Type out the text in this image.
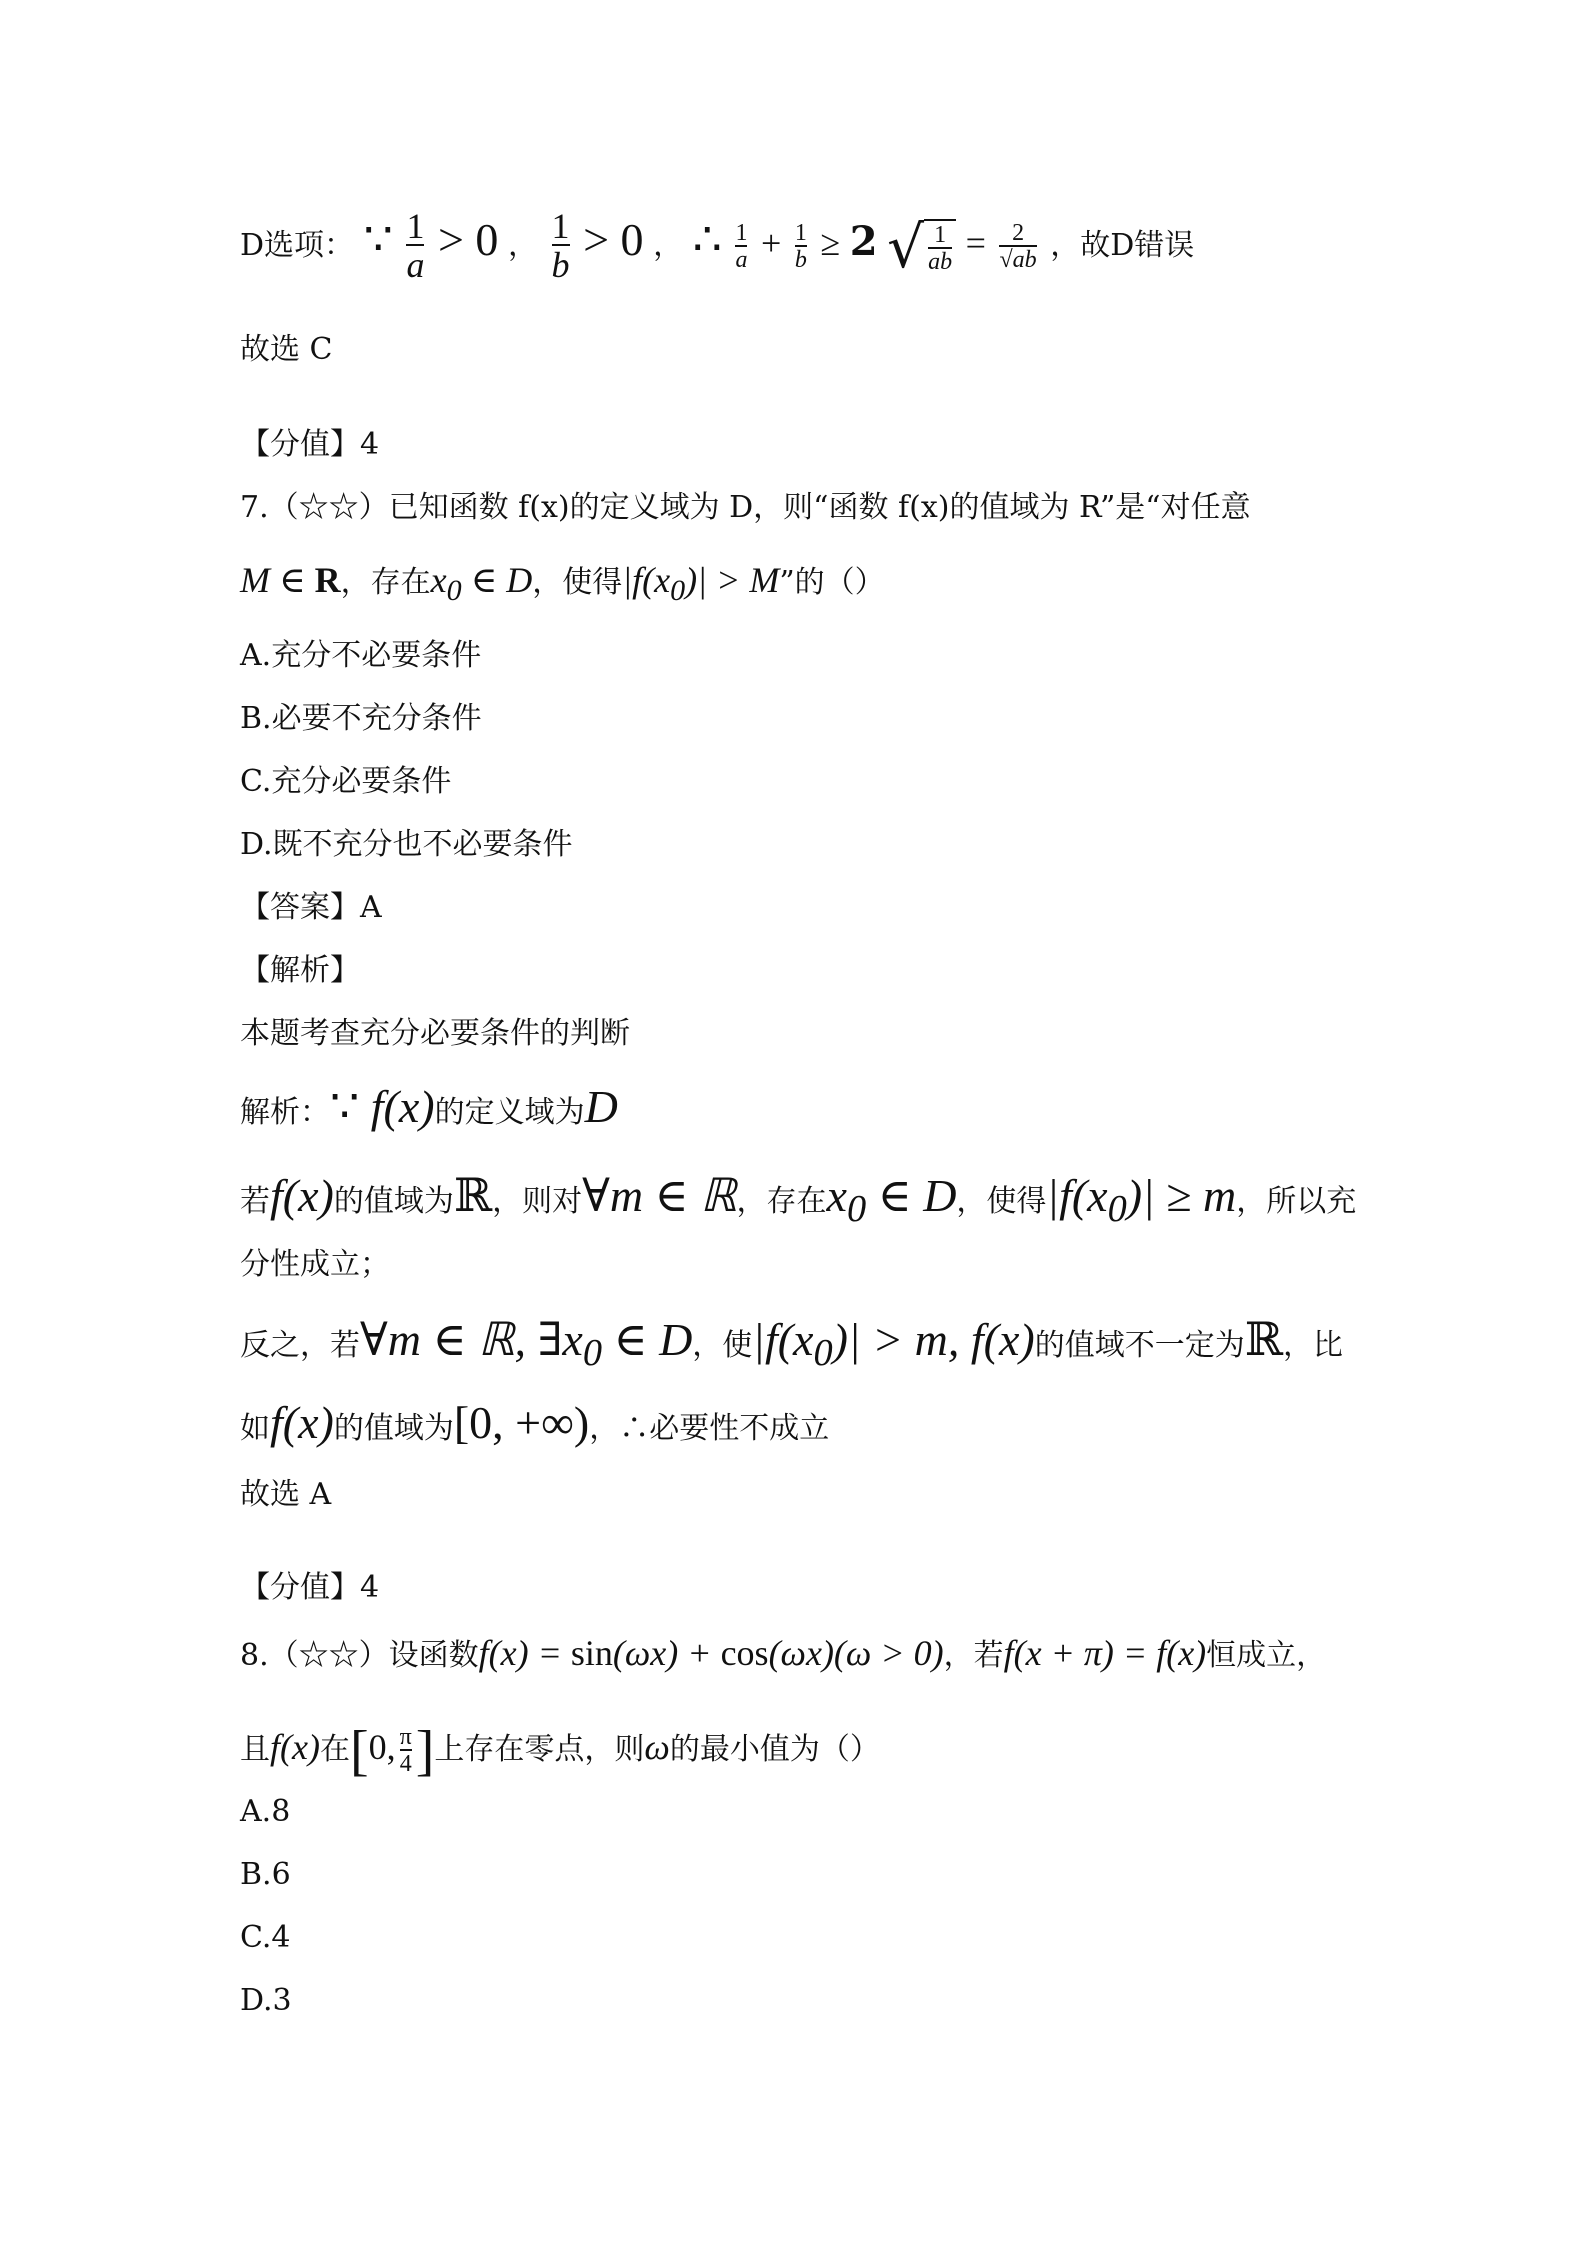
D选项： ∵ $\frac{1}{a} > 0$ ， $\frac{1}{b} > 0$ ， ∴ $\frac{1}{a} + \frac{1}{b} \ge 2$ √ $\frac{1}{ab} = \frac{2}{√ab}$ ，故D错误
故选 C
【分值】4
7.（☆☆）已知函数 f(x)的定义域为 D，则“函数 f(x)的值域为 R”是“对任意
M ∈ R，存在$x_0$ ∈ D，使得$|f(x_0)| > M$”的（）
A.充分不必要条件
B.必要不充分条件
C.充分必要条件
D.既不充分也不必要条件
【答案】A
【解析】
本题考查充分必要条件的判断
解析：∵ f(x)的定义域为D
若f(x)的值域为ℝ，则对∀m ∈ ℝ，存在$x_0$ ∈ D，使得$|f(x_0)| \ge m$，所以充
分性成立；
反之，若∀m ∈ ℝ, $\exists x_0$ ∈ D，使$|f(x_0)| > m$, f(x)的值域不一定为ℝ，比
如f(x)的值域为[0, +∞)，∴必要性不成立
故选 A
【分值】4
8.（☆☆）设函数f(x) = sin(ωx) + cos(ωx)(ω > 0)，若f(x + π) = f(x)恒成立，
且f(x)在[0, $\frac{\pi}{4}$ ]上存在零点，则ω的最小值为（）
A.8
B.6
C.4
D.3
